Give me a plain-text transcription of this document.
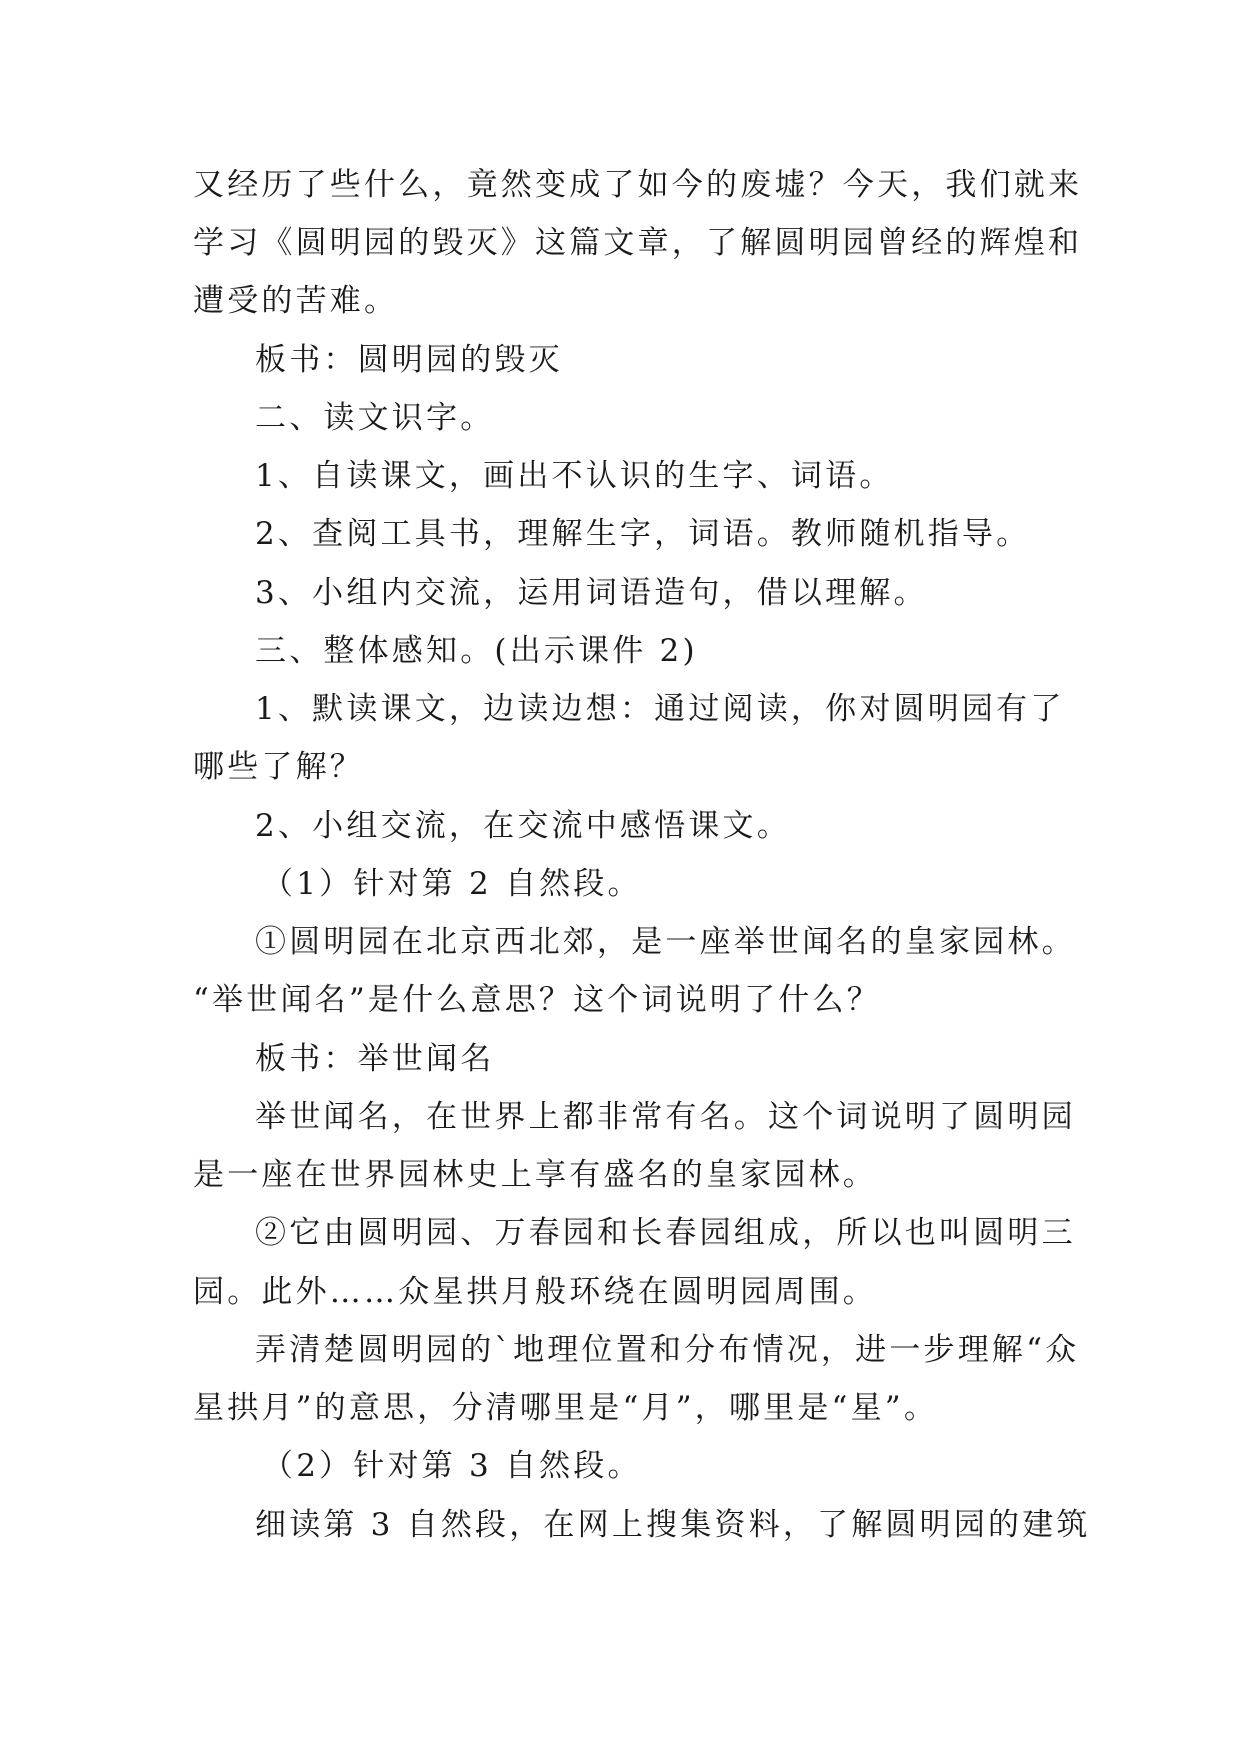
又经历了些什么，竟然变成了如今的废墟？今天，我们就来
学习《圆明园的毁灭》这篇文章，了解圆明园曾经的辉煌和
遭受的苦难。
板书：圆明园的毁灭
二、读文识字。
1、自读课文，画出不认识的生字、词语。
2、查阅工具书，理解生字，词语。教师随机指导。
3、小组内交流，运用词语造句，借以理解。
三、整体感知。(出示课件 2)
1、默读课文，边读边想：通过阅读，你对圆明园有了
哪些了解？
2、小组交流，在交流中感悟课文。
（1）针对第 2 自然段。
①圆明园在北京西北郊，是一座举世闻名的皇家园林。
“举世闻名”是什么意思？这个词说明了什么？
板书：举世闻名
举世闻名，在世界上都非常有名。这个词说明了圆明园
是一座在世界园林史上享有盛名的皇家园林。
②它由圆明园、万春园和长春园组成，所以也叫圆明三
园。此外……众星拱月般环绕在圆明园周围。
弄清楚圆明园的`地理位置和分布情况，进一步理解“众
星拱月”的意思，分清哪里是“月”，哪里是“星”。
（2）针对第 3 自然段。
细读第 3 自然段，在网上搜集资料，了解圆明园的建筑
